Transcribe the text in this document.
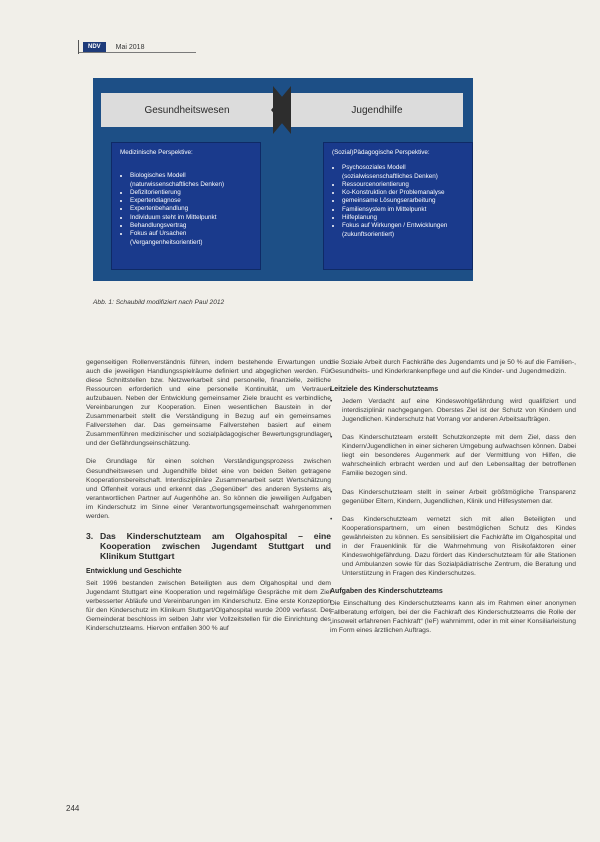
NDV	Mai 2018
Gesundheitswesen	Jugendhilfe
Medizinische Perspektive:
• Biologisches Modell (naturwissenschaftliches Denken)
• Defizitorientierung
• Expertendiagnose
• Expertenbehandlung
• Individuum steht im Mittelpunkt
• Behandlungsvertrag
• Fokus auf Ursachen (Vergangenheitsorientiert)
(Sozial)Pädagogische Perspektive:
• Psychosoziales Modell (sozialwissenschaftliches Denken)
• Ressourcenorientierung
• Ko-Konstruktion der Problemanalyse
• gemeinsame Lösungserarbeitung
• Familiensystem im Mittelpunkt
• Hilfeplanung
• Fokus auf Wirkungen / Entwicklungen (zukunftsorientiert)
Abb. 1: Schaubild modifiziert nach Paul 2012

gegenseitigen Rollenverständnis führen, indem bestehende Erwartungen und auch die jeweiligen Handlungsspielräume definiert und abgeglichen werden. Für diese Schnittstellen bzw. Netzwerkarbeit sind personelle, finanzielle, zeitliche Ressourcen erforderlich und eine personelle Kontinuität, um Vertrauen aufzubauen. Neben der Entwicklung gemeinsamer Ziele braucht es verbindliche Vereinbarungen zur Kooperation. Einen wesentlichen Baustein in der Zusammenarbeit stellt die Verständigung in Bezug auf ein gemeinsames Fallverstehen dar. Das gemeinsame Fallverstehen basiert auf einem Zusammenführen medizinischer und sozialpädagogischer Bewertungsgrundlagen und der Gefährdungseinschätzung.

Die Grundlage für einen solchen Verständigungsprozess zwischen Gesundheitswesen und Jugendhilfe bildet eine von beiden Seiten getragene Kooperationsbereitschaft. Interdisziplinäre Zusammenarbeit setzt Wertschätzung und Offenheit voraus und erkennt das „Gegenüber“ des anderen Systems als verantwortlichen Partner auf Augenhöhe an. So können die jeweiligen Aufgaben im Kinderschutz im Sinne einer Verantwortungsgemeinschaft wahrgenommen werden.

3. Das Kinderschutzteam am Olgahospital – eine Kooperation zwischen Jugendamt Stuttgart und Klinikum Stuttgart
Entwicklung und Geschichte

Seit 1996 bestanden zwischen Beteiligten aus dem Olgahospital und dem Jugendamt Stuttgart eine Kooperation und regelmäßige Gespräche mit dem Ziel verbesserter Abläufe und Vereinbarungen im Kinderschutz. Eine erste Konzeption für den Kinderschutz im Klinikum Stuttgart/Olgahospital wurde 2009 verfasst. Der Gemeinderat beschloss im selben Jahr vier Vollzeitstellen für die Einrichtung des Kinderschutzteams. Hiervon entfallen 300 % auf

die Soziale Arbeit durch Fachkräfte des Jugendamts und je 50 % auf die Familien-, Gesundheits- und Kinderkrankenpflege und auf die Kinder- und Jugendmedizin.

Leitziele des Kinderschutzteams
• Jedem Verdacht auf eine Kindeswohlgefährdung wird qualifiziert und interdisziplinär nachgegangen. Oberstes Ziel ist der Schutz von Kindern und Jugendlichen. Kinderschutz hat Vorrang vor anderen Arbeitsaufträgen.
• Das Kinderschutzteam erstellt Schutzkonzepte mit dem Ziel, dass den Kindern/Jugendlichen in einer sicheren Umgebung aufwachsen können. Dabei liegt ein besonderes Augenmerk auf der Vermittlung von Hilfen, die wahrscheinlich erbracht werden und auf den Lebensalltag der betroffenen Familie bezogen sind.
• Das Kinderschutzteam stellt in seiner Arbeit größtmögliche Transparenz gegenüber Eltern, Kindern, Jugendlichen, Klinik und Hilfesystemen dar.
• Das Kinderschutzteam vernetzt sich mit allen Beteiligten und Kooperationspartnern, um einen bestmöglichen Schutz des Kindes gewährleisten zu können. Es sensibilisiert die Fachkräfte im Olgahospital und in der Frauenklinik für die Wahrnehmung von Risikofaktoren einer Kindeswohlgefährdung. Dazu fördert das Kinderschutzteam für alle Stationen und Ambulanzen sowie für das Sozialpädiatrische Zentrum, die Beratung und Unterstützung in Fragen des Kinderschutzes.
Aufgaben des Kinderschutzteams

Die Einschaltung des Kinderschutzteams kann als im Rahmen einer anonymen Fallberatung erfolgen, bei der die Fachkraft des Kinderschutzteams die Rolle der „insoweit erfahrenen Fachkraft“ (IeF) wahrnimmt, oder in mit einer Konsiliarleistung im Form eines ärztlichen Auftrags.

244
